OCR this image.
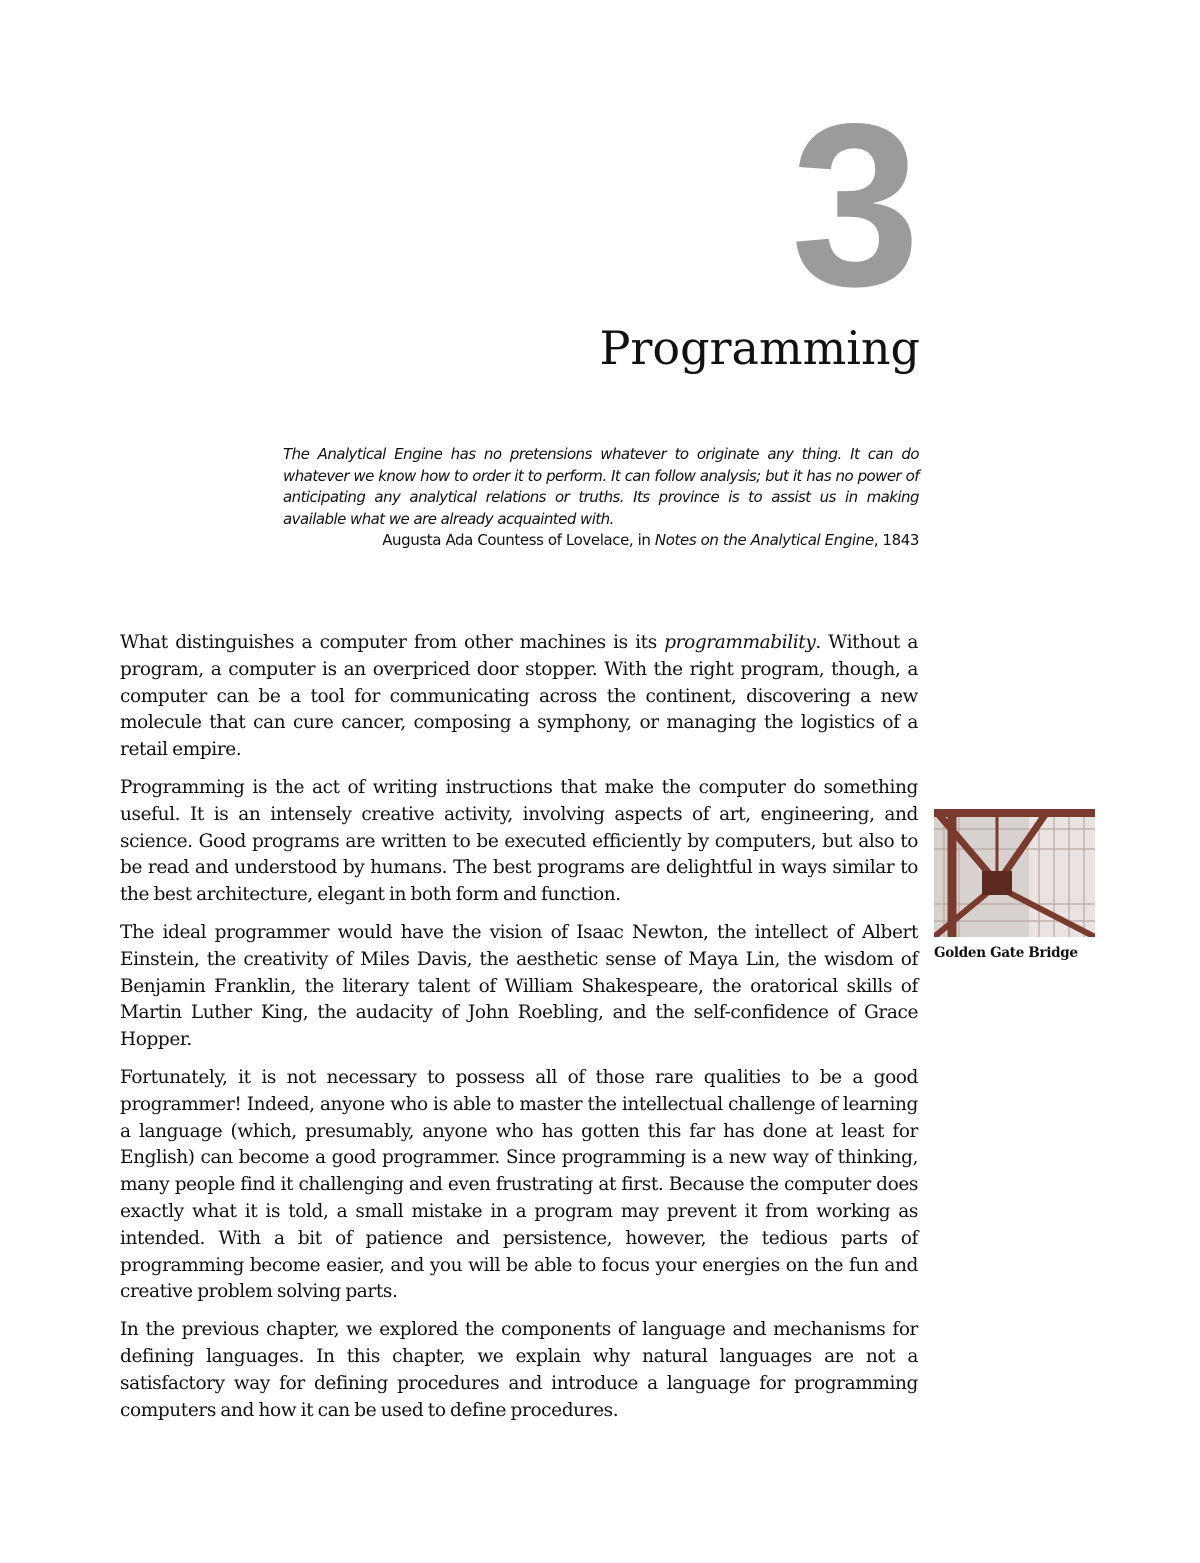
3
Programming

The Analytical Engine has no pretensions whatever to originate any thing. It can do whatever we know how to order it to perform. It can follow analysis; but it has no power of anticipating any analytical relations or truths. Its province is to assist us in making available what we are already acquainted with.

Augusta Ada Countess of Lovelace, in Notes on the Analytical Engine, 1843

What distinguishes a computer from other machines is its programmability. Without a program, a computer is an overpriced door stopper. With the right program, though, a computer can be a tool for communicating across the continent, discovering a new molecule that can cure cancer, composing a symphony, or managing the logistics of a retail empire.

Programming is the act of writing instructions that make the computer do something useful. It is an intensely creative activity, involving aspects of art, engineering, and science. Good programs are written to be executed efficiently by computers, but also to be read and understood by humans. The best programs are delightful in ways similar to the best architecture, elegant in both form and function.

The ideal programmer would have the vision of Isaac Newton, the intellect of Albert Einstein, the creativity of Miles Davis, the aesthetic sense of Maya Lin, the wisdom of Benjamin Franklin, the literary talent of William Shakespeare, the oratorical skills of Martin Luther King, the audacity of John Roebling, and the self-confidence of Grace Hopper.

Fortunately, it is not necessary to possess all of those rare qualities to be a good programmer! Indeed, anyone who is able to master the intellectual challenge of learning a language (which, presumably, anyone who has gotten this far has done at least for English) can become a good programmer. Since programming is a new way of thinking, many people find it challenging and even frustrating at first. Because the computer does exactly what it is told, a small mistake in a program may prevent it from working as intended. With a bit of patience and persistence, however, the tedious parts of programming become easier, and you will be able to focus your energies on the fun and creative problem solving parts.

In the previous chapter, we explored the components of language and mechanisms for defining languages. In this chapter, we explain why natural languages are not a satisfactory way for defining procedures and introduce a language for programming computers and how it can be used to define procedures.

Golden Gate Bridge
